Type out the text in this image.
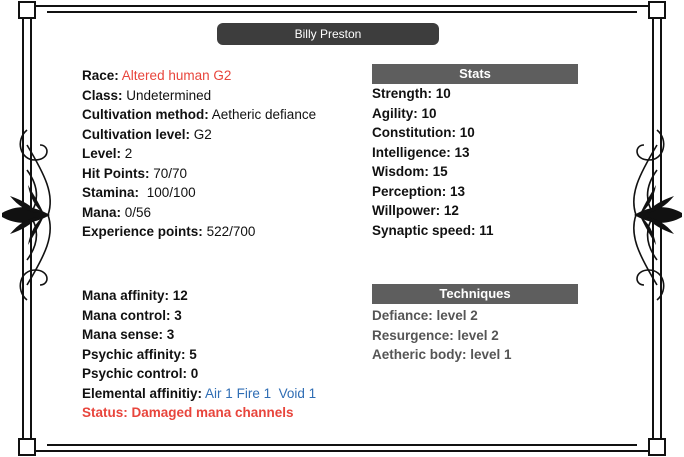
Billy Preston
Race: Altered human G2
Class: Undetermined
Cultivation method: Aetheric defiance
Cultivation level: G2
Level: 2
Hit Points: 70/70
Stamina: 100/100
Mana: 0/56
Experience points: 522/700
Mana affinity: 12
Mana control: 3
Mana sense: 3
Psychic affinity: 5
Psychic control: 0
Elemental affinitiy: Air 1 Fire 1 Void 1
Status: Damaged mana channels
Stats
Strength: 10
Agility: 10
Constitution: 10
Intelligence: 13
Wisdom: 15
Perception: 13
Willpower: 12
Synaptic speed: 11
Techniques
Defiance: level 2
Resurgence: level 2
Aetheric body: level 1
